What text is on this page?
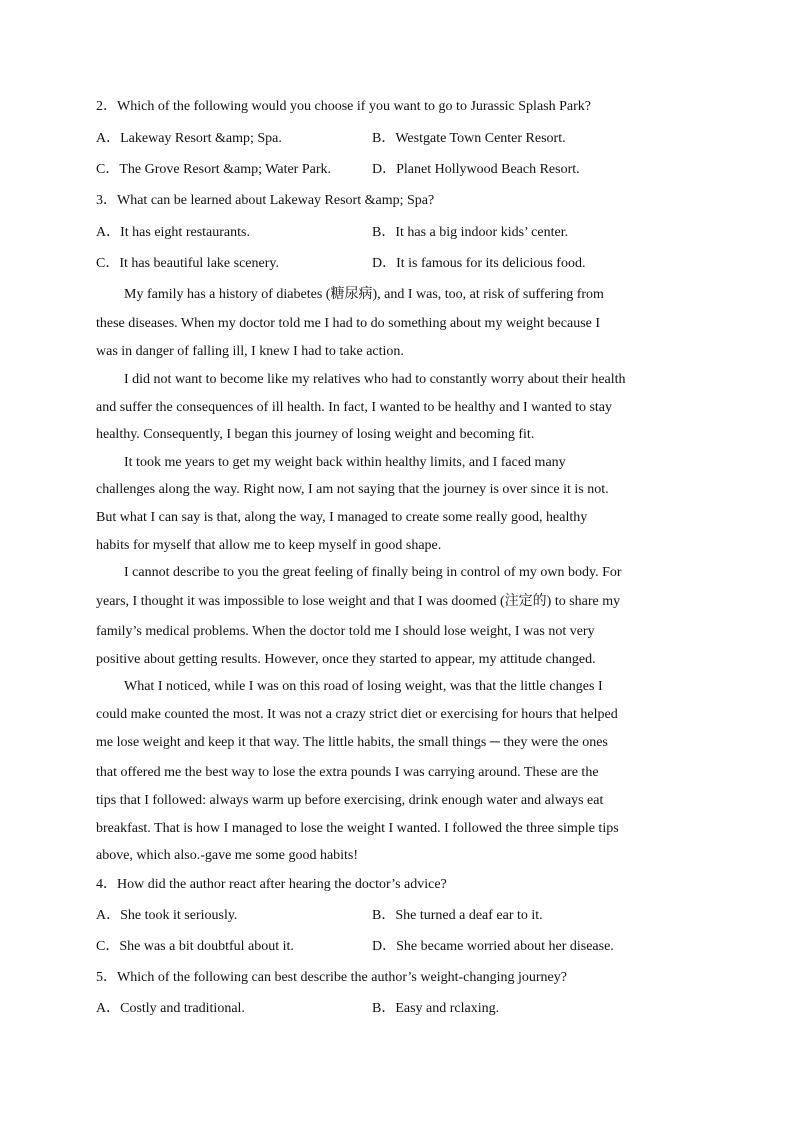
2．Which of the following would you choose if you want to go to Jurassic Splash Park?
A．Lakeway Resort &amp; Spa.	B．Westgate Town Center Resort.
C．The Grove Resort &amp; Water Park.	D．Planet Hollywood Beach Resort.
3．What can be learned about Lakeway Resort &amp; Spa?
A．It has eight restaurants.	B．It has a big indoor kids’ center.
C．It has beautiful lake scenery.	D．It is famous for its delicious food.
My family has a history of diabetes (糖尿病), and I was, too, at risk of suffering from
these diseases. When my doctor told me I had to do something about my weight because I
was in danger of falling ill, I knew I had to take action.
I did not want to become like my relatives who had to constantly worry about their health
and suffer the consequences of ill health. In fact, I wanted to be healthy and I wanted to stay
healthy. Consequently, I began this journey of losing weight and becoming fit.
It took me years to get my weight back within healthy limits, and I faced many
challenges along the way. Right now, I am not saying that the journey is over since it is not.
But what I can say is that, along the way, I managed to create some really good, healthy
habits for myself that allow me to keep myself in good shape.
I cannot describe to you the great feeling of finally being in control of my own body. For
years, I thought it was impossible to lose weight and that I was doomed (注定的) to share my
family’s medical problems. When the doctor told me I should lose weight, I was not very
positive about getting results. However, once they started to appear, my attitude changed.
What I noticed, while I was on this road of losing weight, was that the little changes I
could make counted the most. It was not a crazy strict diet or exercising for hours that helped
me lose weight and keep it that way. The little habits, the small things ─ they were the ones
that offered me the best way to lose the extra pounds I was carrying around. These are the
tips that I followed: always warm up before exercising, drink enough water and always eat
breakfast. That is how I managed to lose the weight I wanted. I followed the three simple tips
above, which also.-gave me some good habits!
4．How did the author react after hearing the doctor’s advice?
A．She took it seriously.	B．She turned a deaf ear to it.
C．She was a bit doubtful about it.	D．She became worried about her disease.
5．Which of the following can best describe the author’s weight-changing journey?
A．Costly and traditional.	B．Easy and rclaxing.
